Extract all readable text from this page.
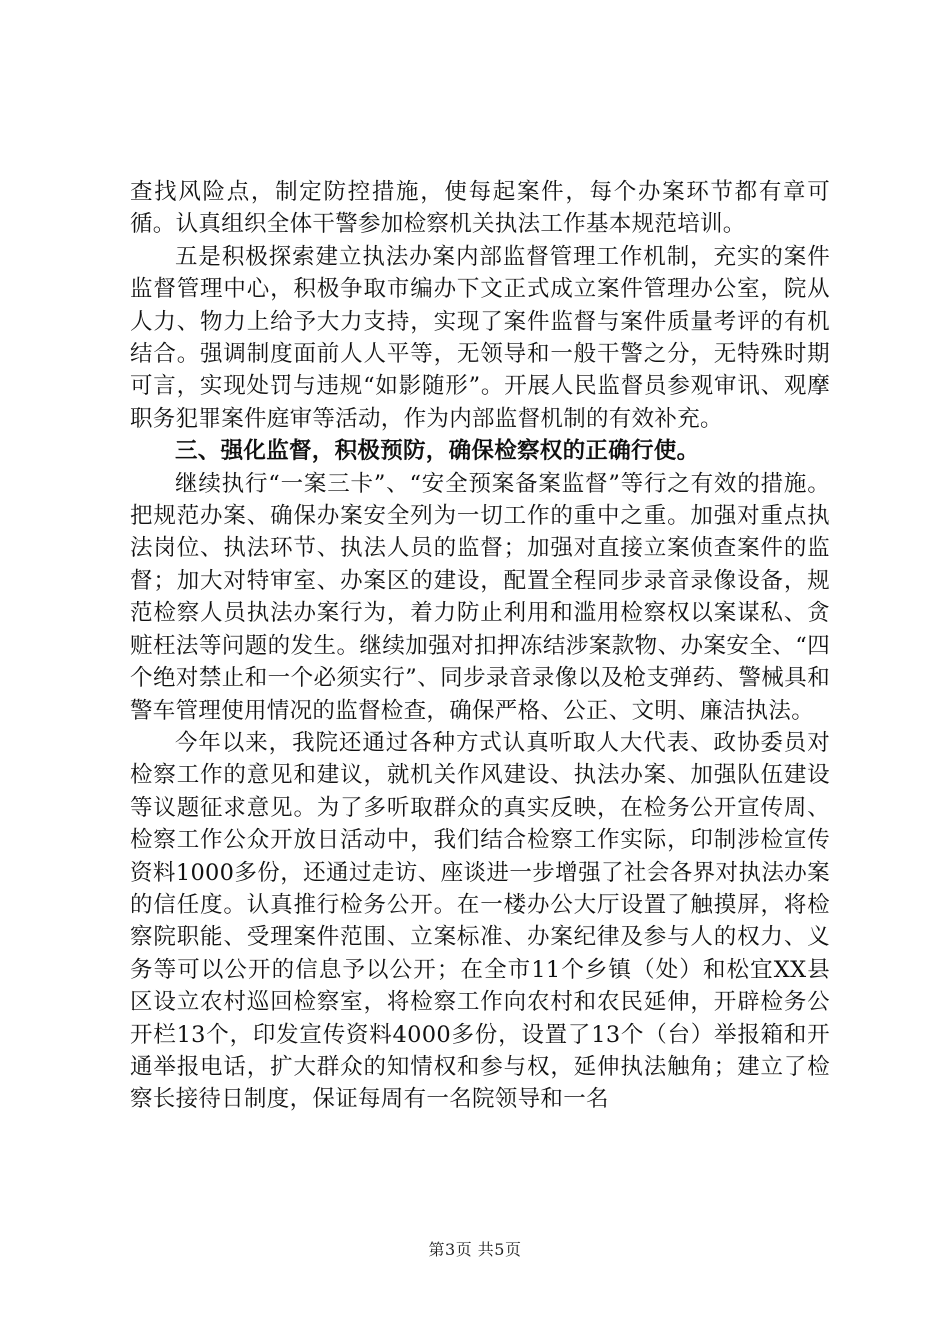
查找风险点，制定防控措施，使每起案件，每个办案环节都有章可循。认真组织全体干警参加检察机关执法工作基本规范培训。

五是积极探索建立执法办案内部监督管理工作机制，充实的案件监督管理中心，积极争取市编办下文正式成立案件管理办公室，院从人力、物力上给予大力支持，实现了案件监督与案件质量考评的有机结合。强调制度面前人人平等，无领导和一般干警之分，无特殊时期可言，实现处罚与违规“如影随形”。开展人民监督员参观审讯、观摩职务犯罪案件庭审等活动，作为内部监督机制的有效补充。

三、强化监督，积极预防，确保检察权的正确行使。

继续执行“一案三卡”、“安全预案备案监督”等行之有效的措施。把规范办案、确保办案安全列为一切工作的重中之重。加强对重点执法岗位、执法环节、执法人员的监督；加强对直接立案侦查案件的监督；加大对特审室、办案区的建设，配置全程同步录音录像设备，规范检察人员执法办案行为，着力防止利用和滥用检察权以案谋私、贪赃枉法等问题的发生。继续加强对扣押冻结涉案款物、办案安全、“四个绝对禁止和一个必须实行”、同步录音录像以及枪支弹药、警械具和警车管理使用情况的监督检查，确保严格、公正、文明、廉洁执法。

今年以来，我院还通过各种方式认真听取人大代表、政协委员对检察工作的意见和建议，就机关作风建设、执法办案、加强队伍建设等议题征求意见。为了多听取群众的真实反映，在检务公开宣传周、检察工作公众开放日活动中，我们结合检察工作实际，印制涉检宣传资料1000多份，还通过走访、座谈进一步增强了社会各界对执法办案的信任度。认真推行检务公开。在一楼办公大厅设置了触摸屏，将检察院职能、受理案件范围、立案标准、办案纪律及参与人的权力、义务等可以公开的信息予以公开；在全市11个乡镇（处）和松宜XX县区设立农村巡回检察室，将检察工作向农村和农民延伸，开辟检务公开栏13个，印发宣传资料4000多份，设置了13个（台）举报箱和开通举报电话，扩大群众的知情权和参与权，延伸执法触角；建立了检察长接待日制度，保证每周有一名院领导和一名

第3页 共5页
